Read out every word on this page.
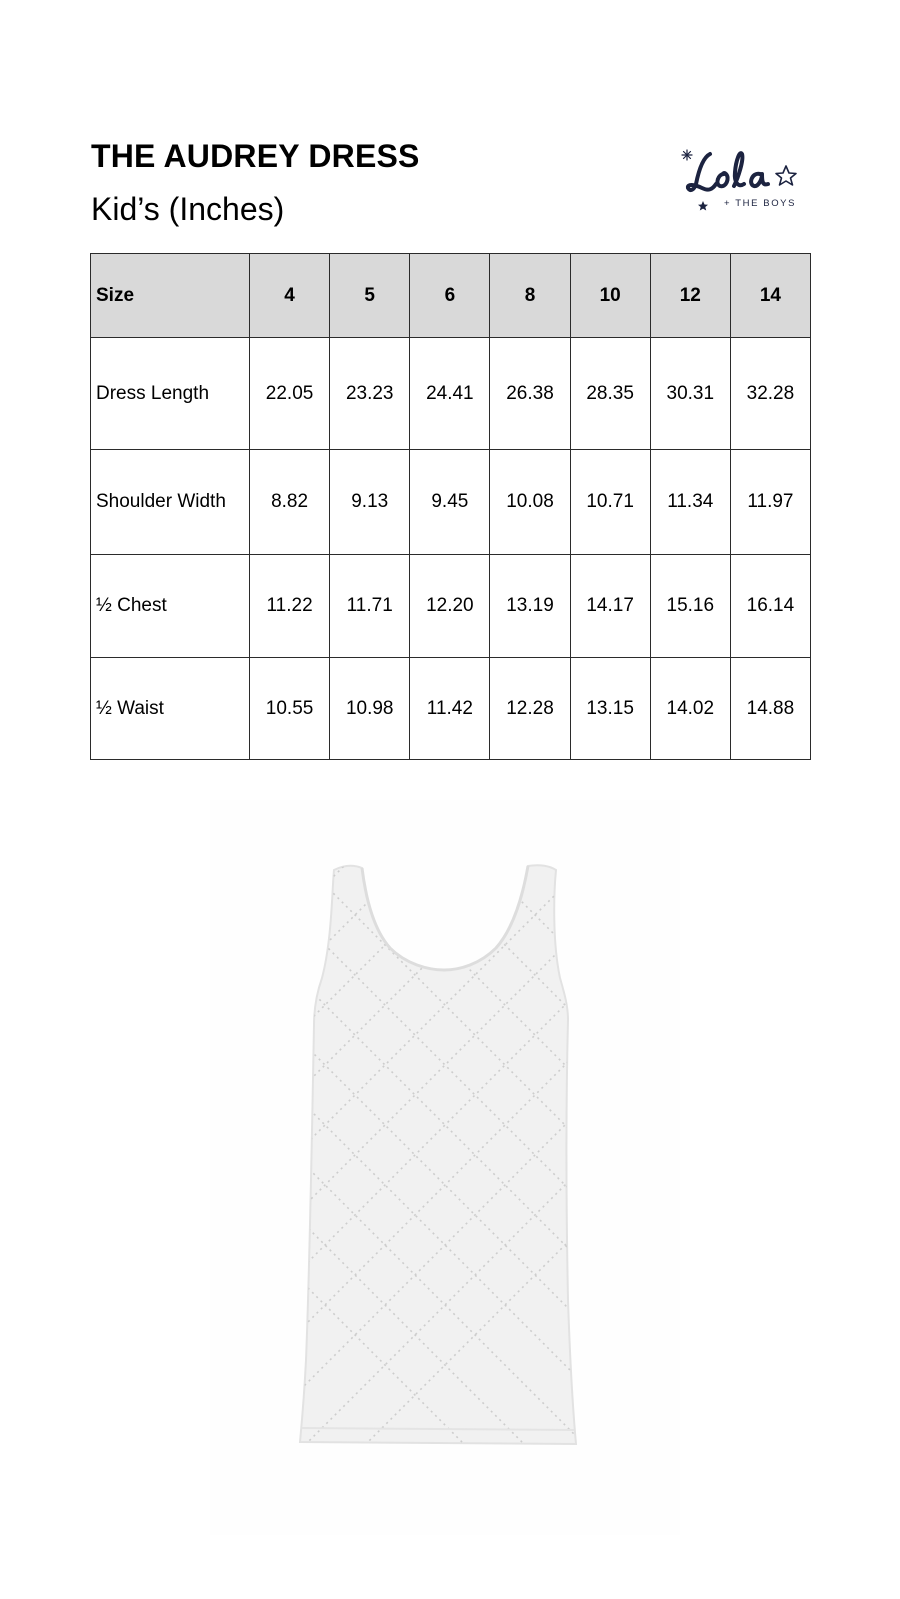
THE AUDREY DRESS
Kid’s (Inches)	+ THE BOYS
Size	4	5	6	8	10	12	14
Dress Length	22.05	23.23	24.41	26.38	28.35	30.31	32.28
Shoulder Width	8.82	9.13	9.45	10.08	10.71	11.34	11.97
½ Chest	11.22	11.71	12.20	13.19	14.17	15.16	16.14
½ Waist	10.55	10.98	11.42	12.28	13.15	14.02	14.88
